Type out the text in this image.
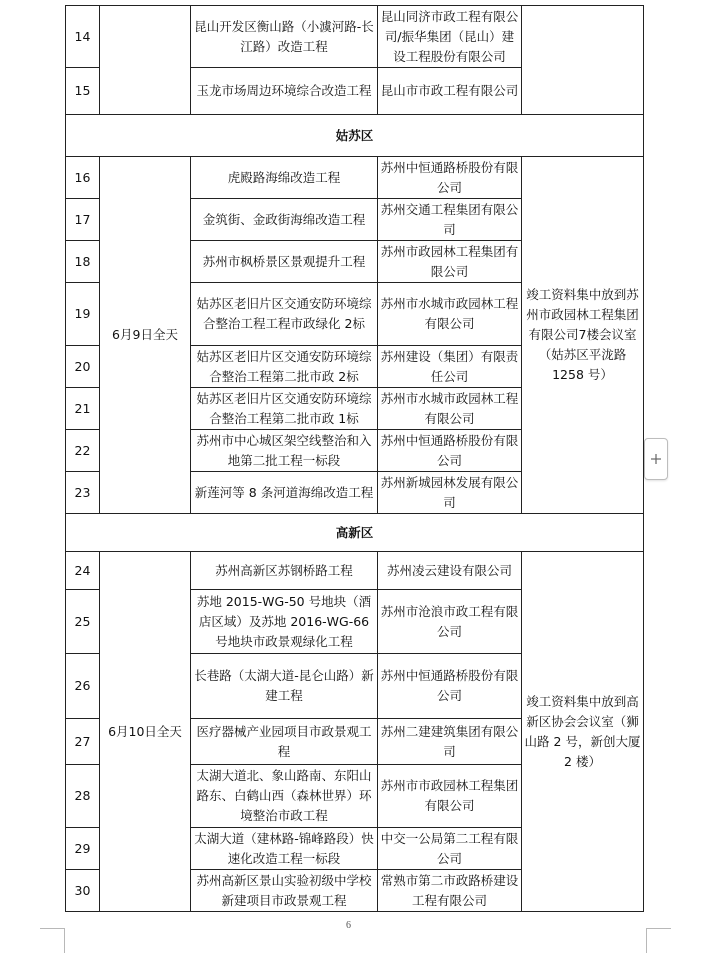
14		昆山开发区衡山路（小澞河路-长江路）改造工程	昆山同济市政工程有限公司/振华集团（昆山）建设工程股份有限公司	
15		玉龙市场周边环境综合改造工程	昆山市市政工程有限公司	
姑苏区				
16	6月9日全天	虎殿路海绵改造工程	苏州中恒通路桥股份有限公司	竣工资料集中放到苏州市政园林工程集团有限公司7楼会议室（姑苏区平泷路 1258 号）
17		金筑街、金政街海绵改造工程	苏州交通工程集团有限公司	
18		苏州市枫桥景区景观提升工程	苏州市政园林工程集团有限公司	
19		姑苏区老旧片区交通安防环境综合整治工程工程市政绿化 2标	苏州市水城市政园林工程有限公司	
20		姑苏区老旧片区交通安防环境综合整治工程第二批市政 2标	苏州建设（集团）有限责任公司	
21		姑苏区老旧片区交通安防环境综合整治工程第二批市政 1标	苏州市水城市政园林工程有限公司	
22		苏州市中心城区架空线整治和入地第二批工程一标段	苏州中恒通路桥股份有限公司	
23		新莲河等 8 条河道海绵改造工程	苏州新城园林发展有限公司	
高新区				
24	6月10日全天	苏州高新区苏钢桥路工程	苏州凌云建设有限公司	竣工资料集中放到高新区协会会议室（狮山路 2 号，新创大厦 2 楼）
25		苏地 2015-WG-50 号地块（酒店区域）及苏地 2016-WG-66 号地块市政景观绿化工程	苏州市沧浪市政工程有限公司	
26		长巷路（太湖大道-昆仑山路）新建工程	苏州中恒通路桥股份有限公司	
27		医疗器械产业园项目市政景观工程	苏州二建建筑集团有限公司	
28		太湖大道北、象山路南、东阳山路东、白鹤山西（森林世界）环境整治市政工程	苏州市市政园林工程集团有限公司	
29		太湖大道（建林路-锦峰路段）快速化改造工程一标段	中交一公局第二工程有限公司	
30		苏州高新区景山实验初级中学校新建项目市政景观工程	常熟市第二市政路桥建设工程有限公司	
6
